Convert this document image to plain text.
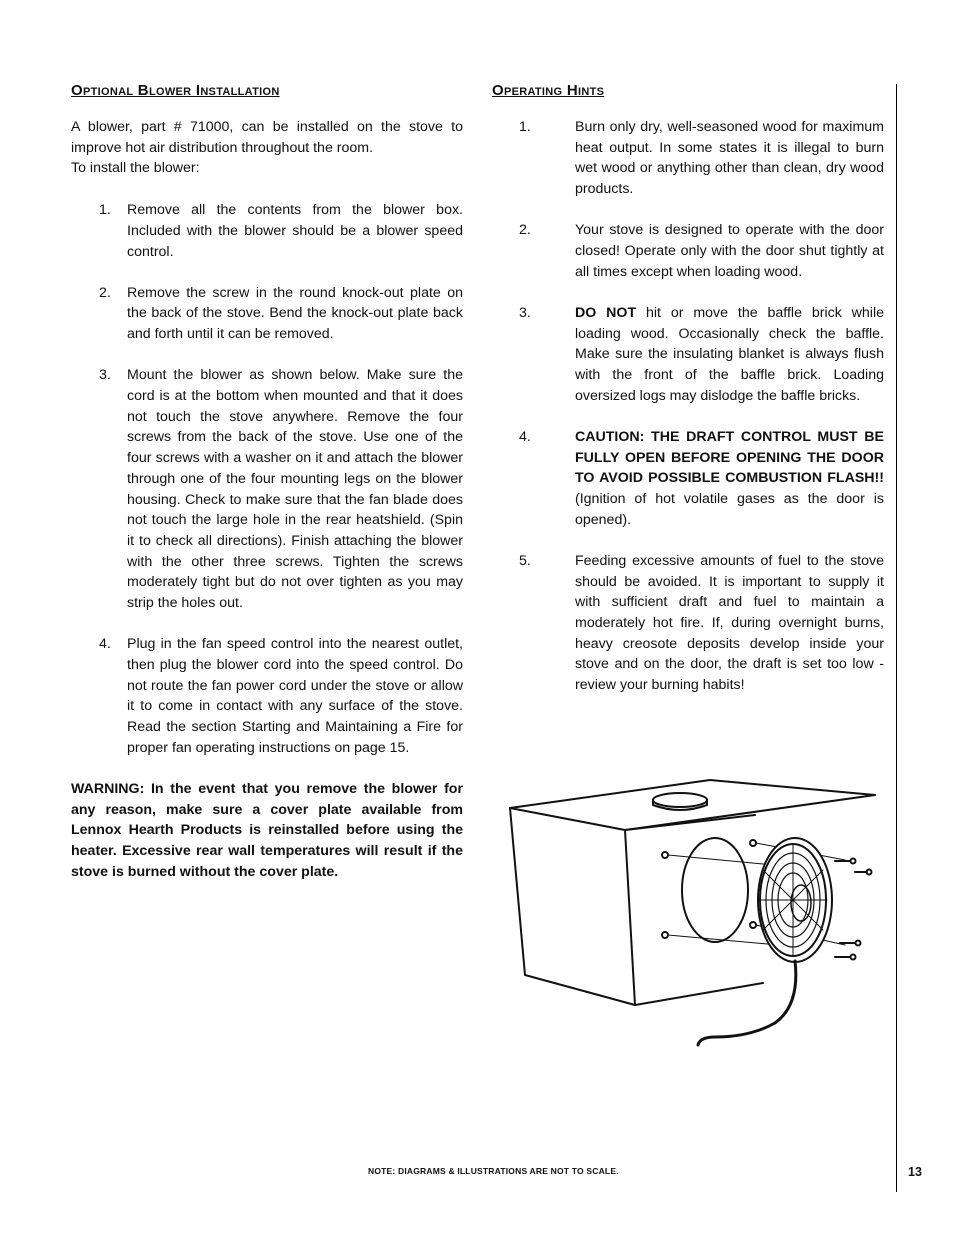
Optional Blower Installation

A blower, part # 71000, can be installed on the stove to improve hot air distribution throughout the room.

To install the blower:

1. Remove all the contents from the blower box. Included with the blower should be a blower speed control.
2. Remove the screw in the round knock-out plate on the back of the stove. Bend the knock-out plate back and forth until it can be removed.
3. Mount the blower as shown below. Make sure the cord is at the bottom when mounted and that it does not touch the stove anywhere. Remove the four screws from the back of the stove. Use one of the four screws with a washer on it and attach the blower through one of the four mounting legs on the blower housing. Check to make sure that the fan blade does not touch the large hole in the rear heatshield. (Spin it to check all directions). Finish attaching the blower with the other three screws. Tighten the screws moderately tight but do not over tighten as you may strip the holes out.
4. Plug in the fan speed control into the nearest outlet, then plug the blower cord into the speed control. Do not route the fan power cord under the stove or allow it to come in contact with any surface of the stove. Read the section Starting and Maintaining a Fire for proper fan operating instructions on page 15.

WARNING: In the event that you remove the blower for any reason, make sure a cover plate available from Lennox Hearth Products is reinstalled before using the heater. Excessive rear wall temperatures will result if the stove is burned without the cover plate.

Operating Hints
1.	Burn only dry, well-seasoned wood for maximum heat output. In some states it is illegal to burn wet wood or anything other than clean, dry wood products.
2.	Your stove is designed to operate with the door closed! Operate only with the door shut tightly at all times except when loading wood.
3.	DO NOT hit or move the baffle brick while loading wood. Occasionally check the baffle. Make sure the insulating blanket is always flush with the front of the baffle brick. Loading oversized logs may dislodge the baffle bricks.
4.	CAUTION: THE DRAFT CONTROL MUST BE FULLY OPEN BEFORE OPENING THE DOOR TO AVOID POSSIBLE COMBUSTION FLASH!! (Ignition of hot volatile gases as the door is opened).
5.	Feeding excessive amounts of fuel to the stove should be avoided. It is important to supply it with sufficient draft and fuel to maintain a moderately hot fire. If, during overnight burns, heavy creosote deposits develop inside your stove and on the door, the draft is set too low - review your burning habits!
NOTE: DIAGRAMS & ILLUSTRATIONS ARE NOT TO SCALE.	13
